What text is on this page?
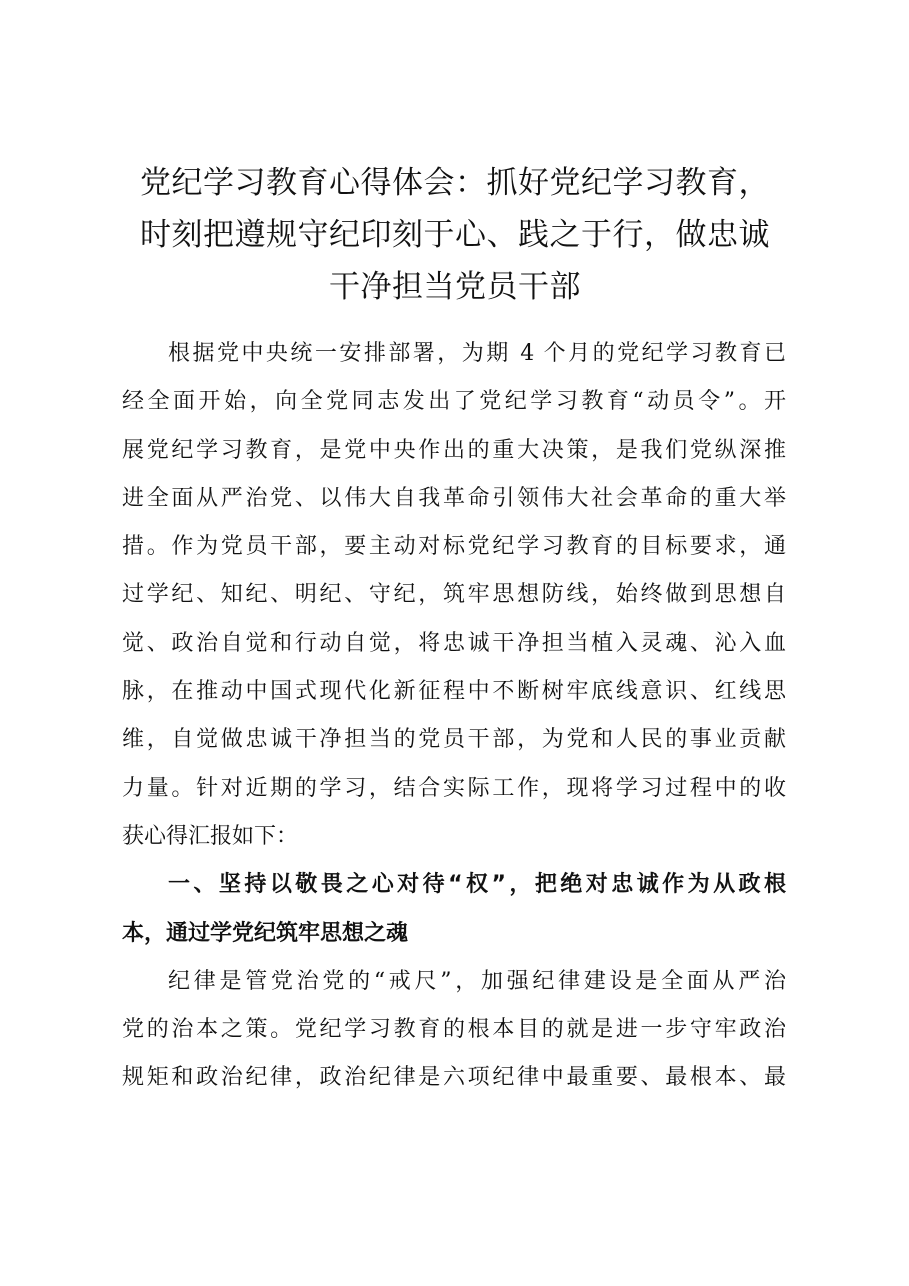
党纪学习教育心得体会：抓好党纪学习教育，
时刻把遵规守纪印刻于心、践之于行，做忠诚
干净担当党员干部
根据党中央统一安排部署，为期 4 个月的党纪学习教育已
经全面开始，向全党同志发出了党纪学习教育“动员令”。开
展党纪学习教育，是党中央作出的重大决策，是我们党纵深推
进全面从严治党、以伟大自我革命引领伟大社会革命的重大举
措。作为党员干部，要主动对标党纪学习教育的目标要求，通
过学纪、知纪、明纪、守纪，筑牢思想防线，始终做到思想自
觉、政治自觉和行动自觉，将忠诚干净担当植入灵魂、沁入血
脉，在推动中国式现代化新征程中不断树牢底线意识、红线思
维，自觉做忠诚干净担当的党员干部，为党和人民的事业贡献
力量。针对近期的学习，结合实际工作，现将学习过程中的收
获心得汇报如下：
一、坚持以敬畏之心对待“权”，把绝对忠诚作为从政根
本，通过学党纪筑牢思想之魂
纪律是管党治党的“戒尺”，加强纪律建设是全面从严治
党的治本之策。党纪学习教育的根本目的就是进一步守牢政治
规矩和政治纪律，政治纪律是六项纪律中最重要、最根本、最
